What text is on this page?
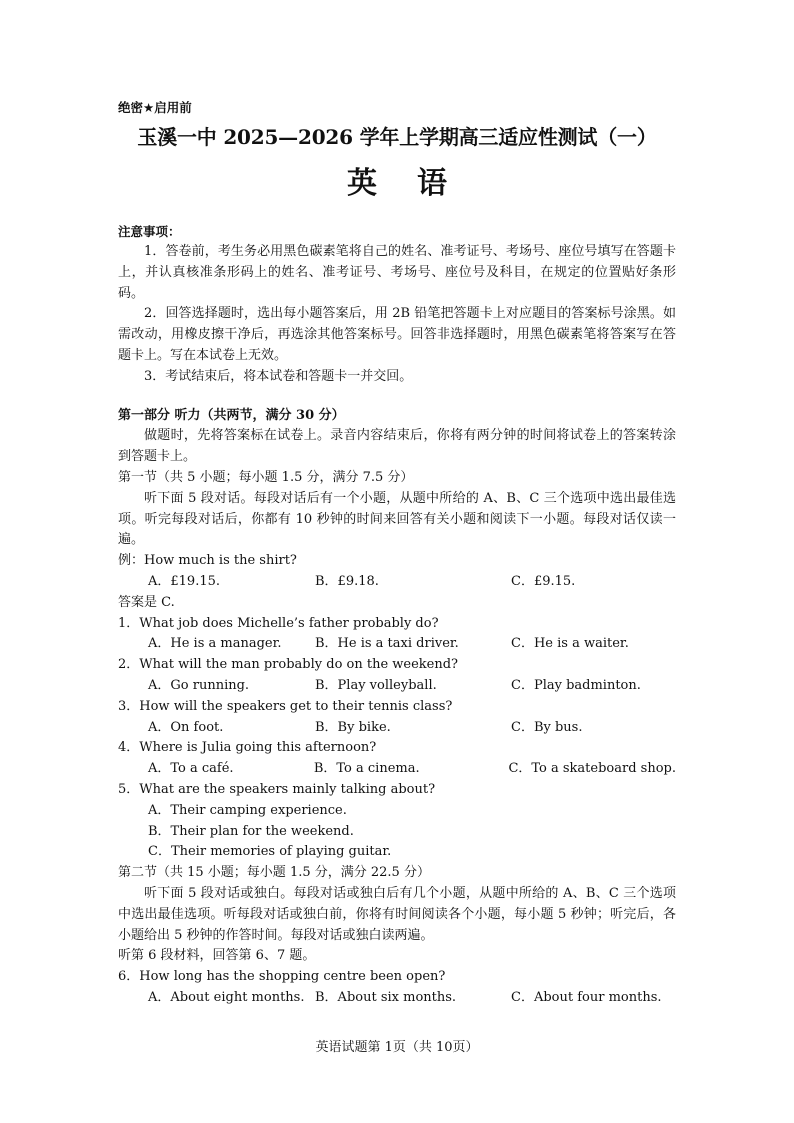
绝密★启用前
玉溪一中 2025—2026 学年上学期高三适应性测试（一）
英语
注意事项：
1．答卷前，考生务必用黑色碳素笔将自己的姓名、准考证号、考场号、座位号填写在答题卡上，并认真核准条形码上的姓名、准考证号、考场号、座位号及科目，在规定的位置贴好条形码。
2．回答选择题时，选出每小题答案后，用 2B 铅笔把答题卡上对应题目的答案标号涂黑。如需改动，用橡皮擦干净后，再选涂其他答案标号。回答非选择题时，用黑色碳素笔将答案写在答题卡上。写在本试卷上无效。
3．考试结束后，将本试卷和答题卡一并交回。
第一部分 听力（共两节，满分 30 分）
做题时，先将答案标在试卷上。录音内容结束后，你将有两分钟的时间将试卷上的答案转涂到答题卡上。
第一节（共 5 小题；每小题 1.5 分，满分 7.5 分）
听下面 5 段对话。每段对话后有一个小题，从题中所给的 A、B、C 三个选项中选出最佳选项。听完每段对话后，你都有 10 秒钟的时间来回答有关小题和阅读下一小题。每段对话仅读一遍。
例：How much is the shirt?
A．£19.15.	B．£9.18.	C．£9.15.
答案是 C.
1．What job does Michelle’s father probably do?
A．He is a manager.	B．He is a taxi driver.	C．He is a waiter.
2．What will the man probably do on the weekend?
A．Go running.	B．Play volleyball.	C．Play badminton.
3．How will the speakers get to their tennis class?
A．On foot.	B．By bike.	C．By bus.
4．Where is Julia going this afternoon?
A．To a café.	B．To a cinema.	C．To a skateboard shop.
5．What are the speakers mainly talking about?
A．Their camping experience.
B．Their plan for the weekend.
C．Their memories of playing guitar.
第二节（共 15 小题；每小题 1.5 分，满分 22.5 分）
听下面 5 段对话或独白。每段对话或独白后有几个小题，从题中所给的 A、B、C 三个选项中选出最佳选项。听每段对话或独白前，你将有时间阅读各个小题，每小题 5 秒钟；听完后，各小题给出 5 秒钟的作答时间。每段对话或独白读两遍。
听第 6 段材料，回答第 6、7 题。
6．How long has the shopping centre been open?
A．About eight months. B．About six months.	C．About four months.
英语试题第 1页（共 10页）
